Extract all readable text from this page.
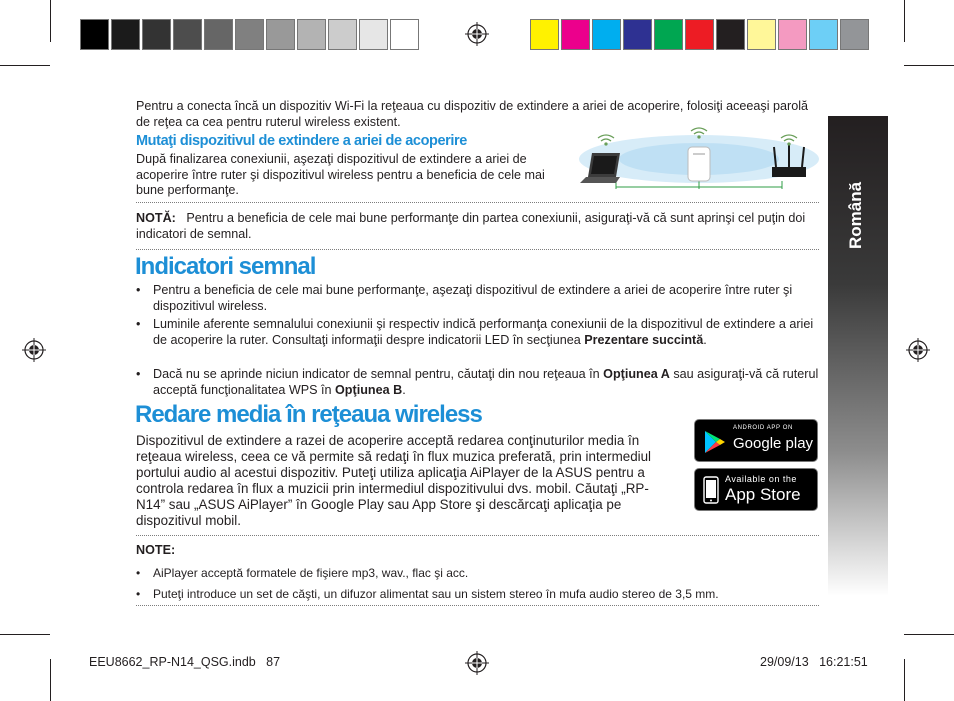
Română
Pentru a conecta încă un dispozitiv Wi-Fi la reţeaua cu dispozitiv de extindere a ariei de acoperire, folosiţi aceeaşi parolă de reţea ca cea pentru ruterul wireless existent.
Mutaţi dispozitivul de extindere a ariei de acoperire
După finalizarea conexiunii, aşezaţi dispozitivul de extindere a ariei de acoperire între ruter şi dispozitivul wireless pentru a beneficia de cele mai bune performanţe.
NOTĂ: Pentru a beneficia de cele mai bune performanţe din partea conexiunii, asiguraţi-vă că sunt aprinşi cel puţin doi indicatori de semnal.
Indicatori semnal
• Pentru a beneficia de cele mai bune performanţe, aşezaţi dispozitivul de extindere a ariei de acoperire între ruter şi dispozitivul wireless.
• Luminile aferente semnalului conexiunii şi respectiv indică performanţa conexiunii de la dispozitivul de extindere a ariei de acoperire la ruter. Consultaţi informaţii despre indicatorii LED în secţiunea Prezentare succintă.
• Dacă nu se aprinde niciun indicator de semnal pentru, căutaţi din nou reţeaua în Opţiunea A sau asiguraţi-vă că ruterul acceptă funcţionalitatea WPS în Opţiunea B.
Redare media în reţeaua wireless
Dispozitivul de extindere a razei de acoperire acceptă redarea conţinuturilor media în reţeaua wireless, ceea ce vă permite să redaţi în flux muzica preferată, prin intermediul portului audio al acestui dispozitiv. Puteţi utiliza aplicaţia AiPlayer de la ASUS pentru a controla redarea în flux a muzicii prin intermediul dispozitivului dvs. mobil. Căutaţi „RP-N14” sau „ASUS AiPlayer” în Google Play sau App Store şi descărcaţi aplicaţia pe dispozitivul mobil.
ANDROID APP ON
Google play
Available on the
App Store
NOTE:
• AiPlayer acceptă formatele de fişiere mp3, wav., flac şi acc.
• Puteţi introduce un set de căşti, un difuzor alimentat sau un sistem stereo în mufa audio stereo de 3,5 mm.
EEU8662_RP-N14_QSG.indb   87	29/09/13   16:21:51
